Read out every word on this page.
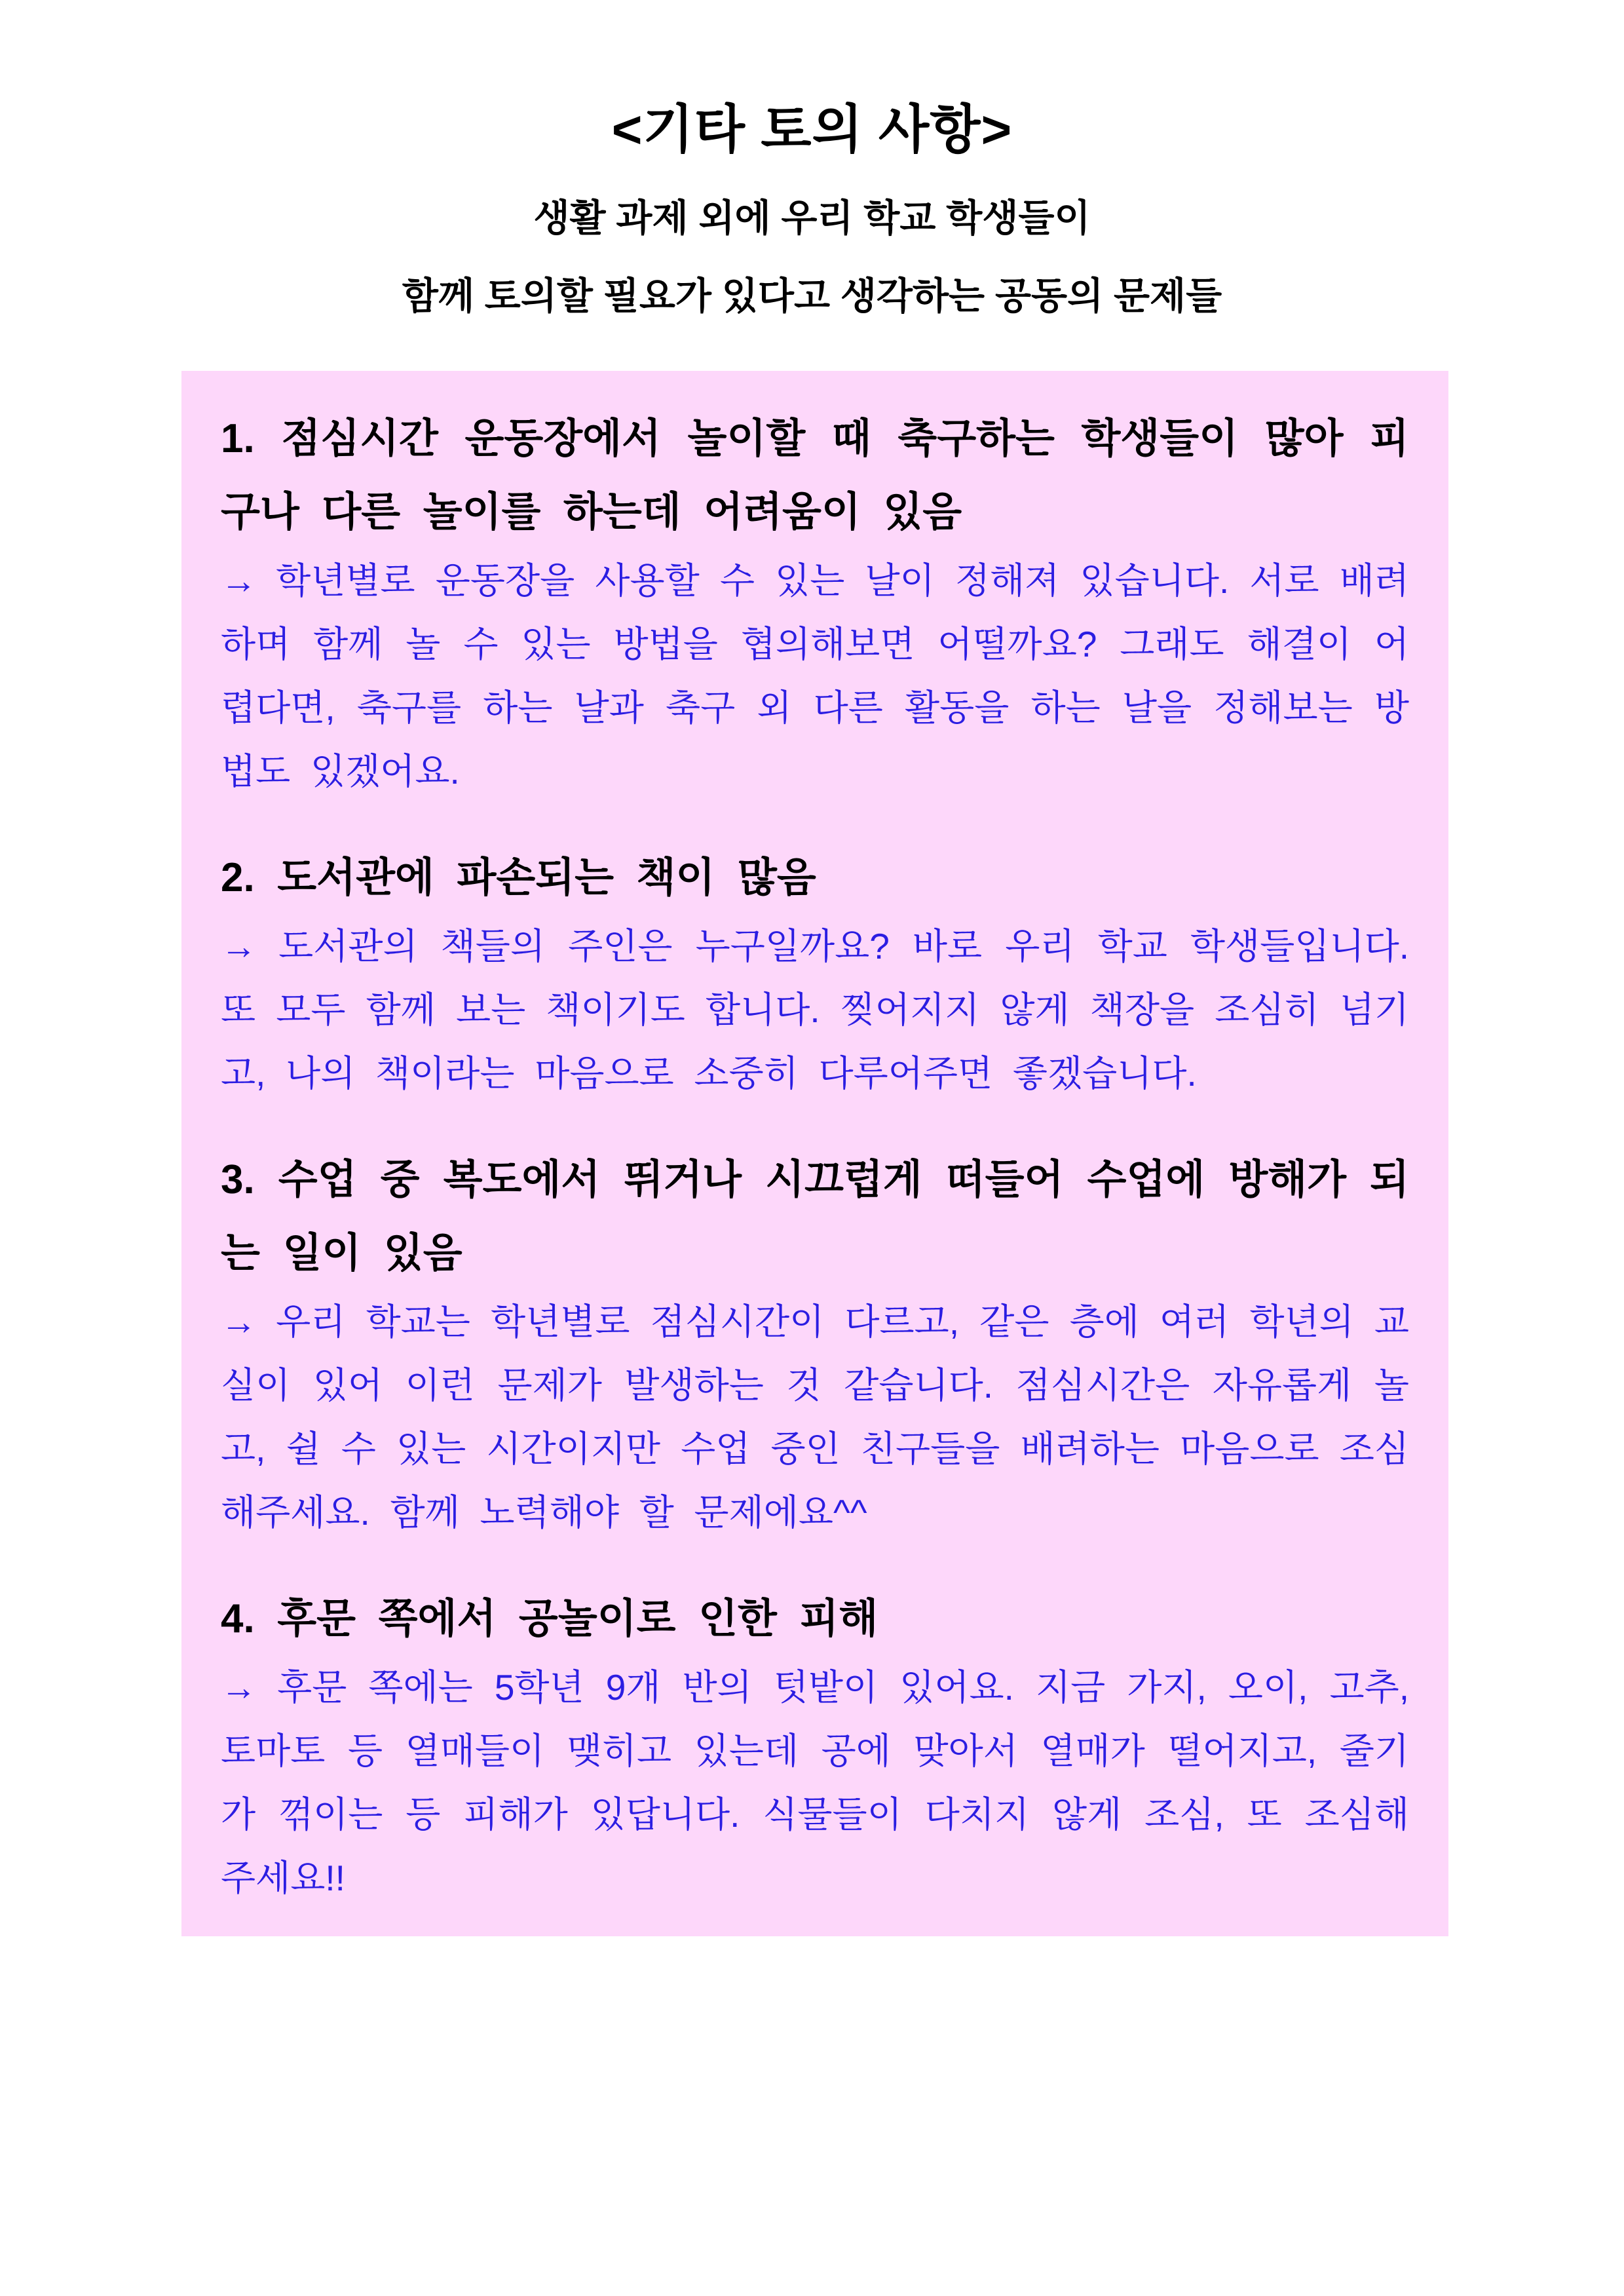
<기타 토의 사항>
생활 과제 외에 우리 학교 학생들이
함께 토의할 필요가 있다고 생각하는 공동의 문제들
1. 점심시간 운동장에서 놀이할 때 축구하는 학생들이 많아 피구나 다른 놀이를 하는데 어려움이 있음

→ 학년별로 운동장을 사용할 수 있는 날이 정해져 있습니다. 서로 배려하며 함께 놀 수 있는 방법을 협의해보면 어떨까요? 그래도 해결이 어렵다면, 축구를 하는 날과 축구 외 다른 활동을 하는 날을 정해보는 방법도 있겠어요.

2. 도서관에 파손되는 책이 많음

→ 도서관의 책들의 주인은 누구일까요? 바로 우리 학교 학생들입니다. 또 모두 함께 보는 책이기도 합니다. 찢어지지 않게 책장을 조심히 넘기고, 나의 책이라는 마음으로 소중히 다루어주면 좋겠습니다.

3. 수업 중 복도에서 뛰거나 시끄럽게 떠들어 수업에 방해가 되는 일이 있음

→ 우리 학교는 학년별로 점심시간이 다르고, 같은 층에 여러 학년의 교실이 있어 이런 문제가 발생하는 것 같습니다. 점심시간은 자유롭게 놀고, 쉴 수 있는 시간이지만 수업 중인 친구들을 배려하는 마음으로 조심해주세요. 함께 노력해야 할 문제에요^^

4. 후문 쪽에서 공놀이로 인한 피해

→ 후문 쪽에는 5학년 9개 반의 텃밭이 있어요. 지금 가지, 오이, 고추, 토마토 등 열매들이 맺히고 있는데 공에 맞아서 열매가 떨어지고, 줄기가 꺾이는 등 피해가 있답니다. 식물들이 다치지 않게 조심, 또 조심해주세요!!
